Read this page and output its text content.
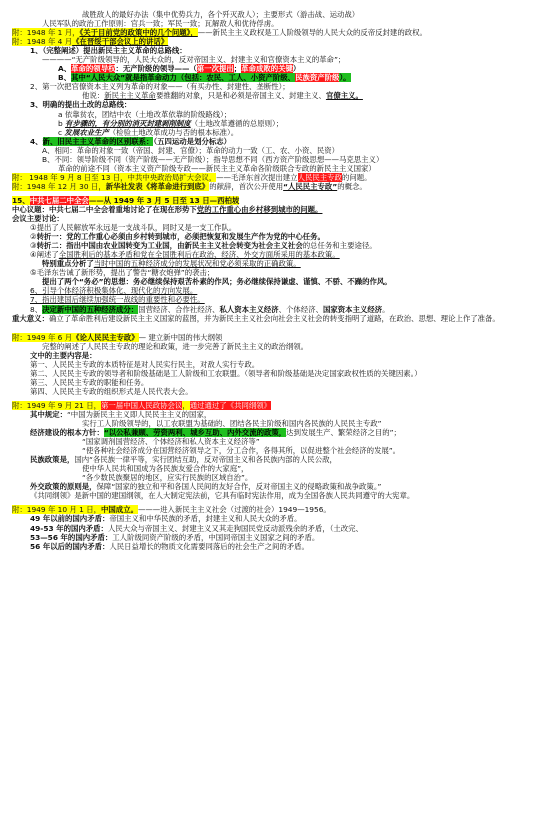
战胜敌人的最好办法（集中优势兵力，各个歼灭敌人）；主要形式（游击战、运动战）
人民军队的政治工作原则：官兵一致；军民一致；瓦解敌人和优待俘虏。
附：1948 年 1 月，《关于目前党的政策中的几个问题》，——新民主主义政权是工人阶级领导的人民大众的反帝反封建的政权。
附：1948 年 4 月《在晋绥干部会议上的讲话》
1、（完整阐述）提出新民主主义革命的总路线：
————“无产阶级领导的，人民大众的，反对帝国主义、封建主义和官僚资本主义的革命”；
A、革命的领导权：无产阶级的领导——（第一次提出；革命成败的关键）
B、其中“人民大众”就是指革命动力（包括：农民、工人、小资产阶级、民族资产阶级）。
2、第一次把官僚资本主义列为革命的对象——（有买办性、封建性、垄断性）；
他说：新民主主义革命要推翻的对象，只是和必须是帝国主义、封建主义、官僚主义。
3、明确的提出土改的总路线：
a 依靠贫农，团结中农（土地改革依靠的阶级路线）；
b 有步骤的，有分别的消灭封建剥削制度（土地改革遵循的总原则）；
c 发展农业生产（检验土地改革成功与否的根本标准）。
4、新、旧民主主义革命的区别联系：（五四运动是划分标志）
A、相同：革命的对象一致（帝国、封建、官僚）；革命的动力一致（工、农、小资、民资）
B、不同：领导阶级不同（资产阶级——无产阶级）；指导思想不同（西方资产阶级思想——马克思主义）
革命的前途不同（资本主义资产阶级专政——新民主主义革命各阶级联合专政的新民主主义国家）
附： 1948 年 9 月 8 日至 13 日，中共中央政治局扩大会议，——毛泽东首次提出建立人民民主专政的问题。
附：1948 年 12 月 30 日，新华社发表《将革命进行到底》的献辞，首次公开使用“人民民主专政”的概念。
15、中共七届二中全会——从 1949 年 3 月 5 日至 13 日—西柏坡
中心议题：中共七届二中全会着重地讨论了在现在形势下党的工作重心由乡村移到城市的问题。
会议主要讨论：
①提出了人民解放军永远是一支战斗队，同时又是一支工作队。
②转折一：党的工作重心必须由乡村转到城市，必须把恢复和发展生产作为党的中心任务。
③转折二：指出中国由农业国转变为工业国，由新民主主义社会转变为社会主义社会的总任务和主要途径。
④阐述了全国胜利后的基本矛盾和党在全国胜利后在政治、经济、外交方面所采用的基本政策。
特别重点分析了当时中国的五种经济成分的发展状况和党必须采取的正确政策。
⑤毛泽东告诫了新形势，提出了警告“糖衣炮弹”的袭击；
提出了两个“务必”的思想：务必继续保持艰苦朴素的作风；务必继续保持谦虚、谨慎、不骄、不躁的作风。
6、引导个体经济积极集体化、现代化的方向发展。
7、指出建国后继续加强统一战线的重要性和必要性。
8、决定新中国的五种经济成分：国营经济、合作社经济、私人资本主义经济、个体经济、国家资本主义经济。
重大意义：确立了革命胜利后建设新民主主义国家的蓝图，并为新民主主义社会向社会主义社会的转变指明了道路，在政治、思想、理论上作了准备。
附：1949 年 6 月《论人民民主专政》— 建立新中国的伟大纲领
完整的阐述了人民民主专政的理论和政策，进一步完善了新民主主义的政治纲领。
文中的主要内容是：
第一、人民民主专政的本质特征是对人民实行民主，对敌人实行专政。
第二、人民民主专政的领导者和阶级基础是工人阶级和工农联盟。（领导者和阶级基础是决定国家政权性质的关键因素。）
第三、人民民主专政的职能和任务。
第四、人民民主专政的组织形式是人民代表大会。
附：1949 年 9 月 21 日，第一届中国人民政协会议，通过通过了《共同纲领》
其中规定：“中国为新民主主义即人民民主主义的国家，
实行工人阶级领导的，以工农联盟为基础的、团结各民主阶级和国内各民族的人民民主专政”
经济建设的根本方针：“以公私兼顾、劳资两利、城乡互助、内外交流的政策，达到发展生产、繁荣经济之目的”；
“国家调剂国营经济、个体经济和私人资本主义经济等”
“使各种社会经济成分在国营经济领导之下，分工合作，各得其所，以促进整个社会经济的发展”。
民族政策是，国内“各民族一律平等，实行团结互助，反对帝国主义和各民族内部的人民公敌，
使中华人民共和国成为各民族友爱合作的大家庭”，
“各少数民族聚居的地区，应实行民族的区域自治”。
外交政策的原则是，保障“国家的独立和平和各国人民间的友好合作，反对帝国主义的侵略政策和战争政策。”
《共同纲领》是新中国的建国纲领，在人大制定宪法前，它具有临时宪法作用，成为全国各族人民共同遵守的大宪章。
附：1949 年 10 月 1 日，中国成立。———进入新民主主义社会（过渡的社会）1949—1956。
49 年以前的国内矛盾：帝国主义和中华民族的矛盾，封建主义和人民大众的矛盾。
49-53 年的国内矛盾：人民大众与帝国主义、封建主义又其走狗国民党反动派残余的矛盾，（土改完、
53—56 年的国内矛盾：工人阶级同资产阶级的矛盾，中国同帝国主义国家之间的矛盾。
56 年以后的国内矛盾：人民日益增长的物质文化需要同落后的社会生产之间的矛盾。
